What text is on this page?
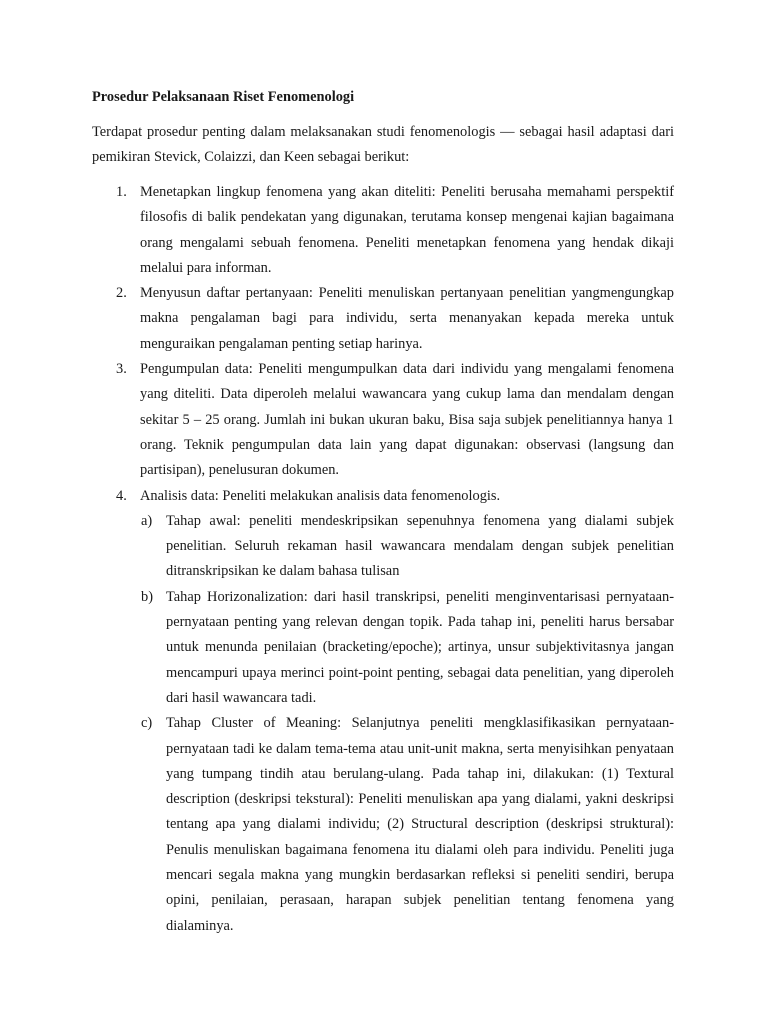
Prosedur Pelaksanaan Riset Fenomenologi

Terdapat prosedur penting dalam melaksanakan studi fenomenologis — sebagai hasil adaptasi dari pemikiran Stevick, Colaizzi, dan Keen sebagai berikut:

1. Menetapkan lingkup fenomena yang akan diteliti: Peneliti berusaha memahami perspektif filosofis di balik pendekatan yang digunakan, terutama konsep mengenai kajian bagaimana orang mengalami sebuah fenomena. Peneliti menetapkan fenomena yang hendak dikaji melalui para informan.
2. Menyusun daftar pertanyaan: Peneliti menuliskan pertanyaan penelitian yangmengungkap makna pengalaman bagi para individu, serta menanyakan kepada mereka untuk menguraikan pengalaman penting setiap harinya.
3. Pengumpulan data: Peneliti mengumpulkan data dari individu yang mengalami fenomena yang diteliti. Data diperoleh melalui wawancara yang cukup lama dan mendalam dengan sekitar 5 – 25 orang. Jumlah ini bukan ukuran baku, Bisa saja subjek penelitiannya hanya 1 orang. Teknik pengumpulan data lain yang dapat digunakan: observasi (langsung dan partisipan), penelusuran dokumen.
4. Analisis data: Peneliti melakukan analisis data fenomenologis.
a) Tahap awal: peneliti mendeskripsikan sepenuhnya fenomena yang dialami subjek penelitian. Seluruh rekaman hasil wawancara mendalam dengan subjek penelitian ditranskripsikan ke dalam bahasa tulisan
b) Tahap Horizonalization: dari hasil transkripsi, peneliti menginventarisasi pernyataan-pernyataan penting yang relevan dengan topik. Pada tahap ini, peneliti harus bersabar untuk menunda penilaian (bracketing/epoche); artinya, unsur subjektivitasnya jangan mencampuri upaya merinci point-point penting, sebagai data penelitian, yang diperoleh dari hasil wawancara tadi.
c) Tahap Cluster of Meaning: Selanjutnya peneliti mengklasifikasikan pernyataan-pernyataan tadi ke dalam tema-tema atau unit-unit makna, serta menyisihkan penyataan yang tumpang tindih atau berulang-ulang. Pada tahap ini, dilakukan: (1) Textural description (deskripsi tekstural): Peneliti menuliskan apa yang dialami, yakni deskripsi tentang apa yang dialami individu; (2) Structural description (deskripsi struktural): Penulis menuliskan bagaimana fenomena itu dialami oleh para individu. Peneliti juga mencari segala makna yang mungkin berdasarkan refleksi si peneliti sendiri, berupa opini, penilaian, perasaan, harapan subjek penelitian tentang fenomena yang dialaminya.
